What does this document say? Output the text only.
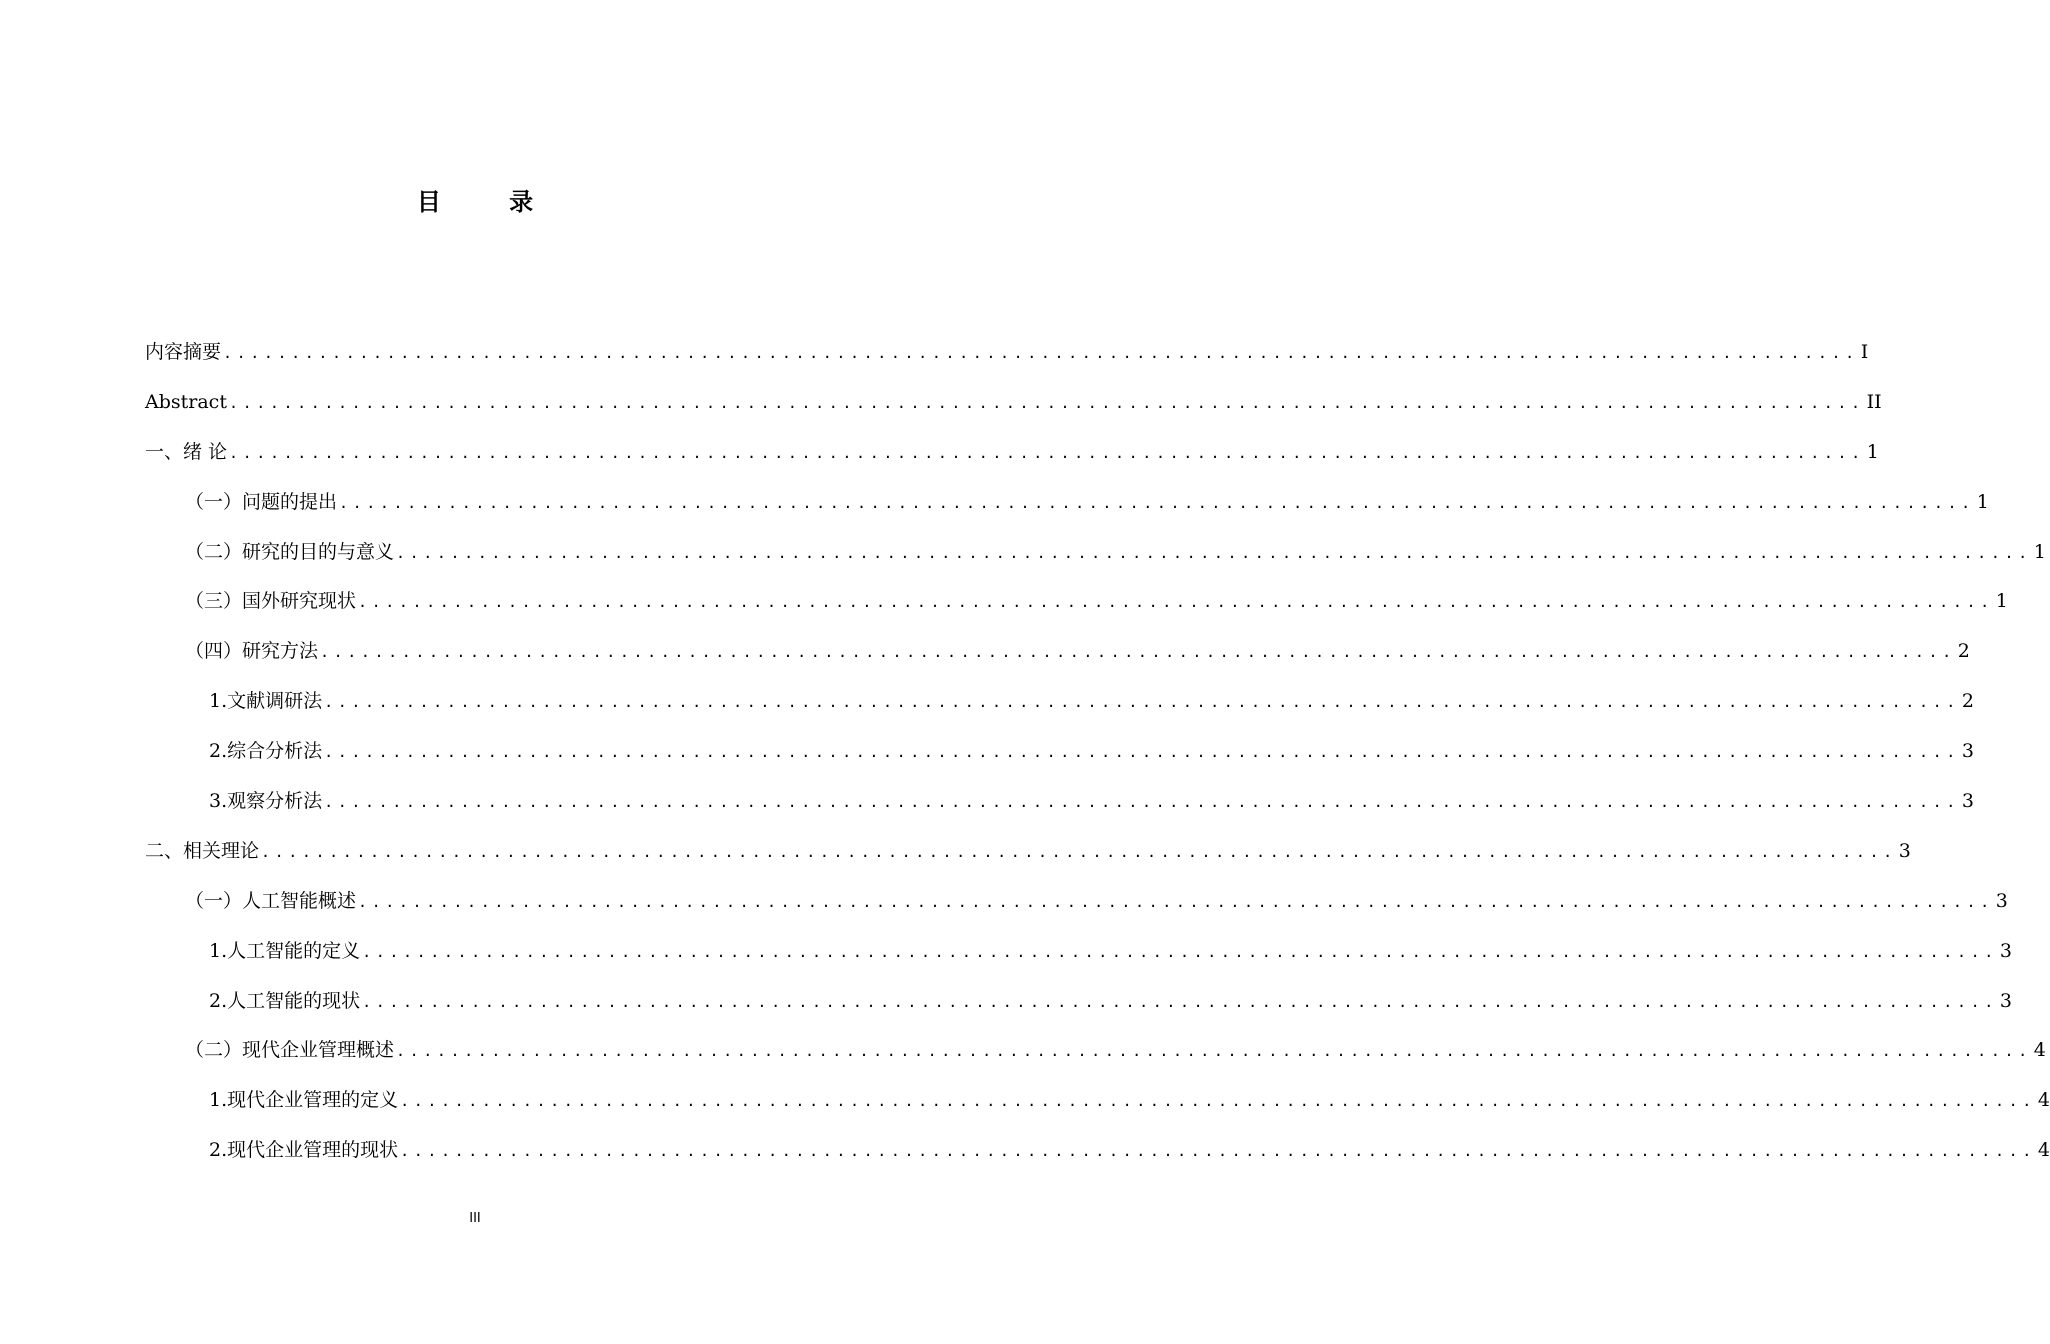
目 录
内容摘要 ........................................................................................................................ I
Abstract ........................................................................................................................ II
一、绪 论 ........................................................................................................................ 1
（一）问题的提出 ........................................................................................................................ 1
（二）研究的目的与意义 ........................................................................................................................ 1
（三）国外研究现状 ........................................................................................................................ 1
（四）研究方法 ........................................................................................................................ 2
1.文献调研法 ........................................................................................................................ 2
2.综合分析法 ........................................................................................................................ 3
3.观察分析法 ........................................................................................................................ 3
二、相关理论 ........................................................................................................................ 3
（一）人工智能概述 ........................................................................................................................ 3
1.人工智能的定义 ........................................................................................................................ 3
2.人工智能的现状 ........................................................................................................................ 3
（二）现代企业管理概述 ........................................................................................................................ 4
1.现代企业管理的定义 ........................................................................................................................ 4
2.现代企业管理的现状 ........................................................................................................................ 4
III
